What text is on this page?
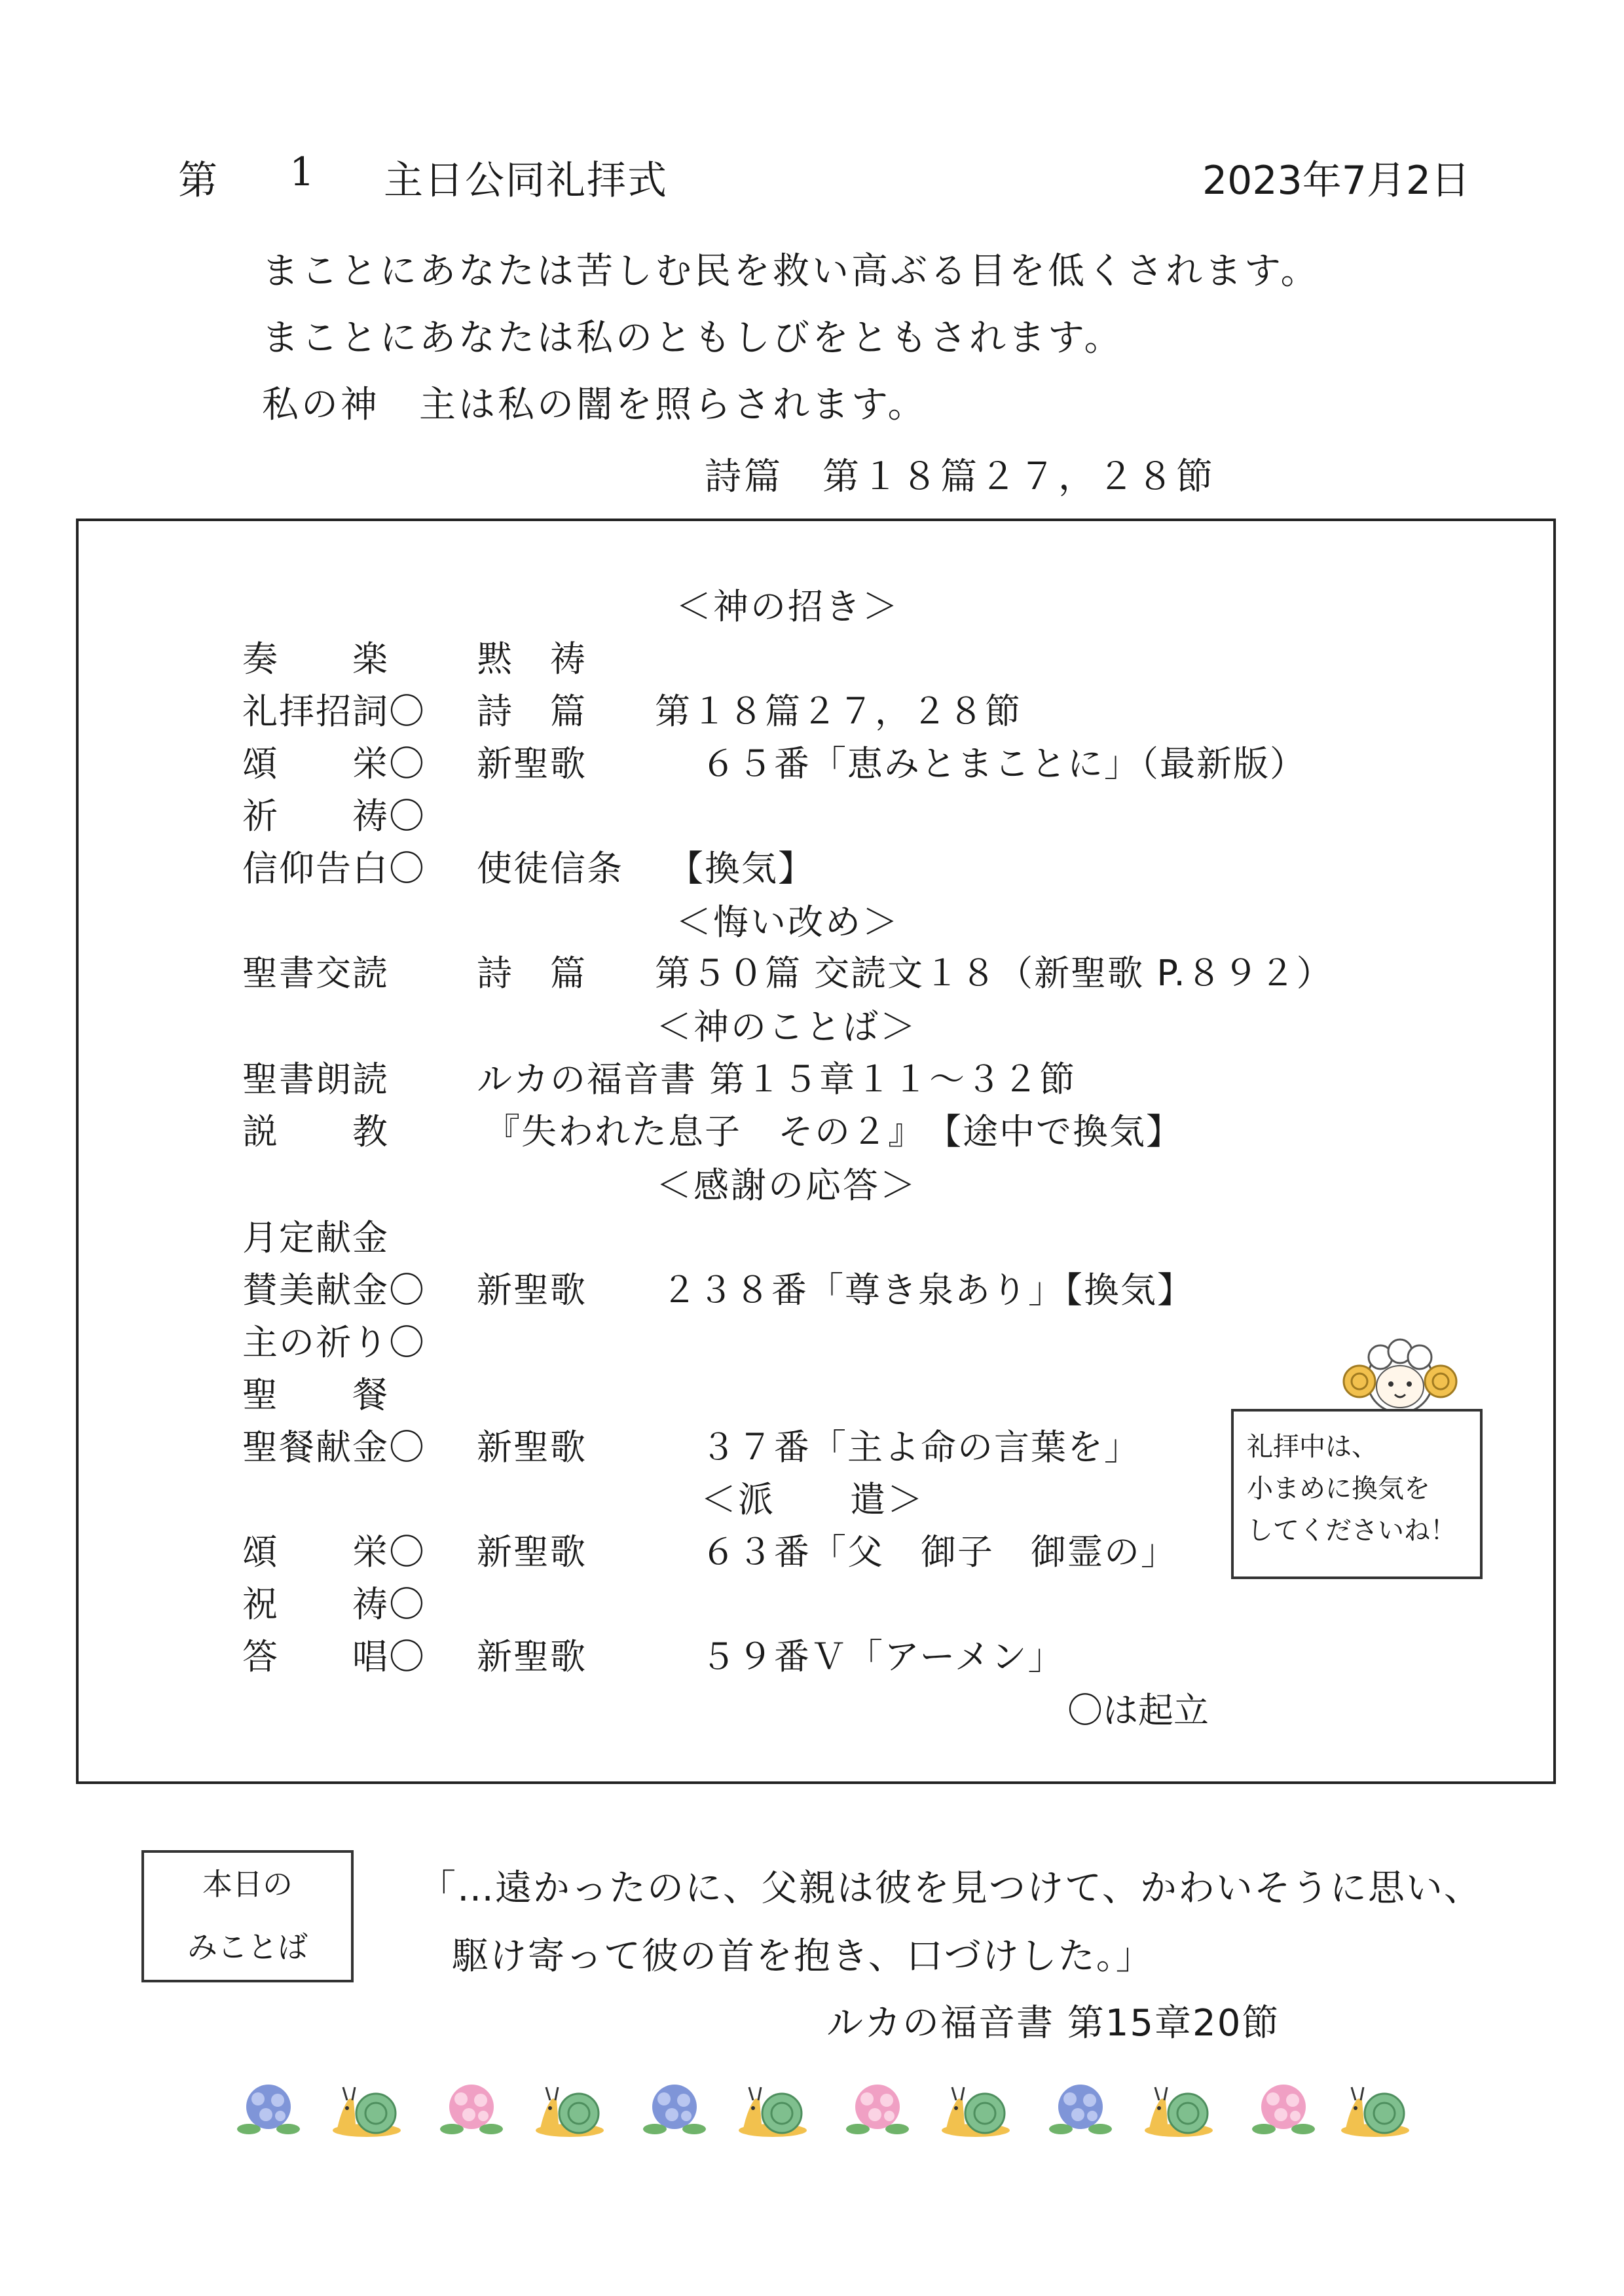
第 1 主日公同礼拝式	2023年7月2日
まことにあなたは苦しむ民を救い高ぶる目を低くされます。
まことにあなたは私のともしびをともされます。
私の神　主は私の闇を照らされます。
詩篇　第１８篇２７，２８節
＜神の招き＞
奏　　楽 黙　祷
礼拝招詞〇 詩　篇 第１８篇２７，２８節
頌　　栄〇 新聖歌	６５番「恵みとまことに」（最新版）
祈　　祷〇
信仰告白〇 使徒信条 【換気】
＜悔い改め＞
聖書交読 詩　篇 第５０篇 交読文１８（新聖歌 P.８９２）
＜神のことば＞
聖書朗読 ルカの福音書 第１５章１１～３２節
説　　教	『失われた息子　その２』　【途中で換気】
＜感謝の応答＞
月定献金
賛美献金〇 新聖歌 ２３８番「尊き泉あり」【換気】
主の祈り〇
聖　　餐
聖餐献金〇 新聖歌	３７番「主よ命の言葉を」
＜派　　遣＞
頌　　栄〇 新聖歌	６３番「父　御子　御霊の」
祝　　祷〇
答　　唱〇 新聖歌	５９番Ｖ「アーメン」
〇は起立
礼拝中は、
小まめに換気を
してくださいね！
本日の
みことば
「…遠かったのに、父親は彼を見つけて、かわいそうに思い、
駆け寄って彼の首を抱き、口づけした。」
ルカの福音書 第15章20節
